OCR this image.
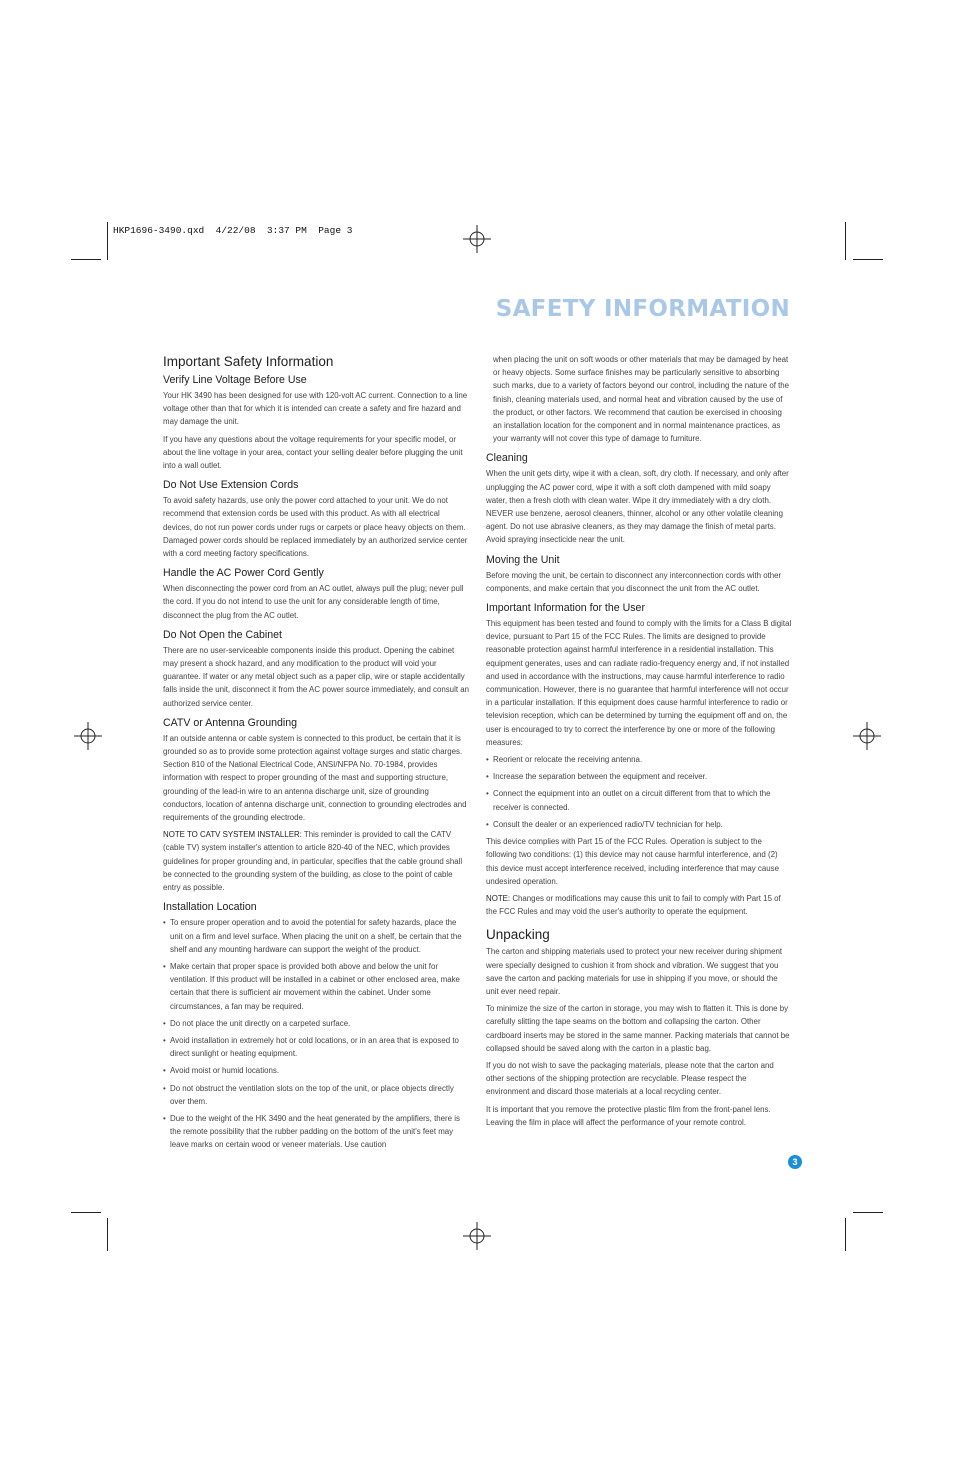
HKP1696-3490.qxd  4/22/08  3:37 PM  Page 3
SAFETY INFORMATION
Important Safety Information
Verify Line Voltage Before Use

Your HK 3490 has been designed for use with 120-volt AC current. Connection to a line voltage other than that for which it is intended can create a safety and fire hazard and may damage the unit.

If you have any questions about the voltage requirements for your specific model, or about the line voltage in your area, contact your selling dealer before plugging the unit into a wall outlet.

Do Not Use Extension Cords

To avoid safety hazards, use only the power cord attached to your unit. We do not recommend that extension cords be used with this product. As with all electrical devices, do not run power cords under rugs or carpets or place heavy objects on them. Damaged power cords should be replaced immediately by an authorized service center with a cord meeting factory specifications.

Handle the AC Power Cord Gently

When disconnecting the power cord from an AC outlet, always pull the plug; never pull the cord. If you do not intend to use the unit for any considerable length of time, disconnect the plug from the AC outlet.

Do Not Open the Cabinet

There are no user-serviceable components inside this product. Opening the cabinet may present a shock hazard, and any modification to the product will void your guarantee. If water or any metal object such as a paper clip, wire or staple accidentally falls inside the unit, disconnect it from the AC power source immediately, and consult an authorized service center.

CATV or Antenna Grounding

If an outside antenna or cable system is connected to this product, be certain that it is grounded so as to provide some protection against voltage surges and static charges. Section 810 of the National Electrical Code, ANSI/NFPA No. 70-1984, provides information with respect to proper grounding of the mast and supporting structure, grounding of the lead-in wire to an antenna discharge unit, size of grounding conductors, location of antenna discharge unit, connection to grounding electrodes and requirements of the grounding electrode.

NOTE TO CATV SYSTEM INSTALLER: This reminder is provided to call the CATV (cable TV) system installer's attention to article 820-40 of the NEC, which provides guidelines for proper grounding and, in particular, specifies that the cable ground shall be connected to the grounding system of the building, as close to the point of cable entry as possible.

Installation Location
• To ensure proper operation and to avoid the potential for safety hazards, place the unit on a firm and level surface. When placing the unit on a shelf, be certain that the shelf and any mounting hardware can support the weight of the product.
• Make certain that proper space is provided both above and below the unit for ventilation. If this product will be installed in a cabinet or other enclosed area, make certain that there is sufficient air movement within the cabinet. Under some circumstances, a fan may be required.
• Do not place the unit directly on a carpeted surface.
• Avoid installation in extremely hot or cold locations, or in an area that is exposed to direct sunlight or heating equipment.
• Avoid moist or humid locations.
• Do not obstruct the ventilation slots on the top of the unit, or place objects directly over them.
• Due to the weight of the HK 3490 and the heat generated by the amplifiers, there is the remote possibility that the rubber padding on the bottom of the unit's feet may leave marks on certain wood or veneer materials. Use caution

when placing the unit on soft woods or other materials that may be damaged by heat or heavy objects. Some surface finishes may be particularly sensitive to absorbing such marks, due to a variety of factors beyond our control, including the nature of the finish, cleaning materials used, and normal heat and vibration caused by the use of the product, or other factors. We recommend that caution be exercised in choosing an installation location for the component and in normal maintenance practices, as your warranty will not cover this type of damage to furniture.

Cleaning

When the unit gets dirty, wipe it with a clean, soft, dry cloth. If necessary, and only after unplugging the AC power cord, wipe it with a soft cloth dampened with mild soapy water, then a fresh cloth with clean water. Wipe it dry immediately with a dry cloth. NEVER use benzene, aerosol cleaners, thinner, alcohol or any other volatile cleaning agent. Do not use abrasive cleaners, as they may damage the finish of metal parts. Avoid spraying insecticide near the unit.

Moving the Unit

Before moving the unit, be certain to disconnect any interconnection cords with other components, and make certain that you disconnect the unit from the AC outlet.

Important Information for the User

This equipment has been tested and found to comply with the limits for a Class B digital device, pursuant to Part 15 of the FCC Rules. The limits are designed to provide reasonable protection against harmful interference in a residential installation. This equipment generates, uses and can radiate radio-frequency energy and, if not installed and used in accordance with the instructions, may cause harmful interference to radio communication. However, there is no guarantee that harmful interference will not occur in a particular installation. If this equipment does cause harmful interference to radio or television reception, which can be determined by turning the equipment off and on, the user is encouraged to try to correct the interference by one or more of the following measures:

• Reorient or relocate the receiving antenna.
• Increase the separation between the equipment and receiver.
• Connect the equipment into an outlet on a circuit different from that to which the receiver is connected.
• Consult the dealer or an experienced radio/TV technician for help.

This device complies with Part 15 of the FCC Rules. Operation is subject to the following two conditions: (1) this device may not cause harmful interference, and (2) this device must accept interference received, including interference that may cause undesired operation.

NOTE: Changes or modifications may cause this unit to fail to comply with Part 15 of the FCC Rules and may void the user's authority to operate the equipment.

Unpacking

The carton and shipping materials used to protect your new receiver during shipment were specially designed to cushion it from shock and vibration. We suggest that you save the carton and packing materials for use in shipping if you move, or should the unit ever need repair.

To minimize the size of the carton in storage, you may wish to flatten it. This is done by carefully slitting the tape seams on the bottom and collapsing the carton. Other cardboard inserts may be stored in the same manner. Packing materials that cannot be collapsed should be saved along with the carton in a plastic bag.

If you do not wish to save the packaging materials, please note that the carton and other sections of the shipping protection are recyclable. Please respect the environment and discard those materials at a local recycling center.

It is important that you remove the protective plastic film from the front-panel lens. Leaving the film in place will affect the performance of your remote control.

3
